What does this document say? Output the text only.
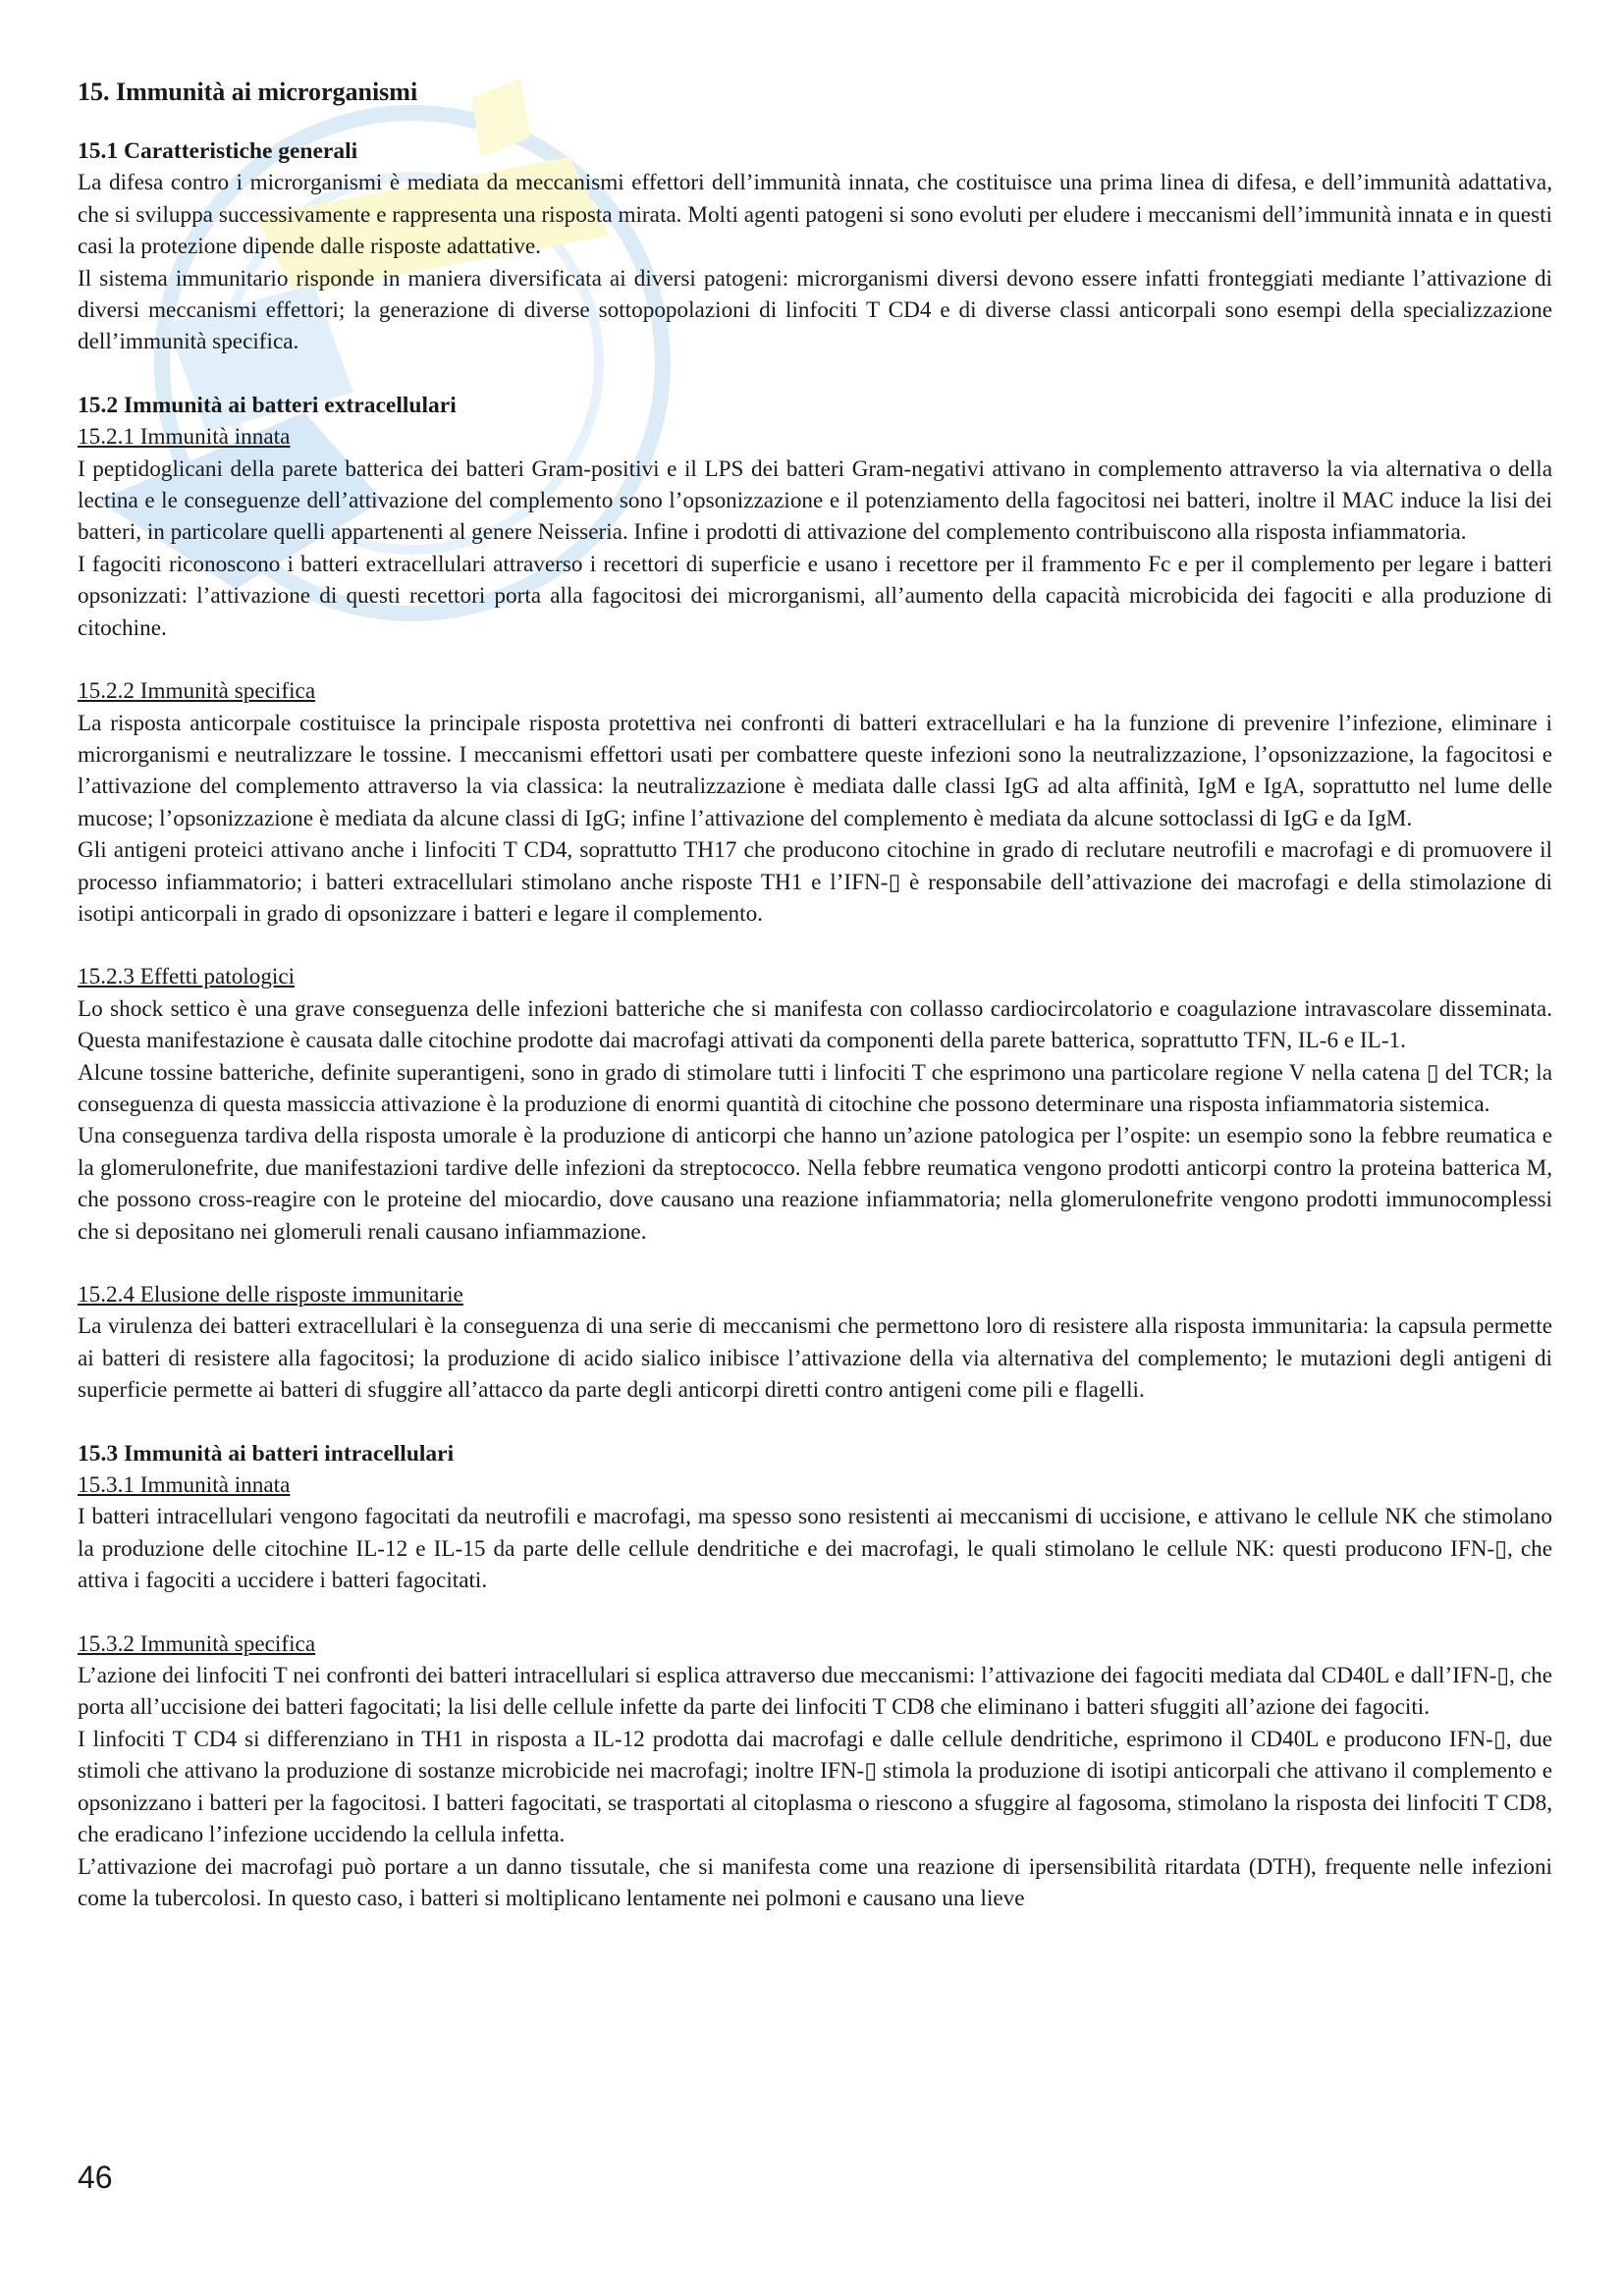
15. Immunità ai microrganismi
15.1 Caratteristiche generali

La difesa contro i microrganismi è mediata da meccanismi effettori dell’immunità innata, che costituisce una prima linea di difesa, e dell’immunità adattativa, che si sviluppa successivamente e rappresenta una risposta mirata. Molti agenti patogeni si sono evoluti per eludere i meccanismi dell’immunità innata e in questi casi la protezione dipende dalle risposte adattative.

Il sistema immunitario risponde in maniera diversificata ai diversi patogeni: microrganismi diversi devono essere infatti fronteggiati mediante l’attivazione di diversi meccanismi effettori; la generazione di diverse sottopopolazioni di linfociti T CD4 e di diverse classi anticorpali sono esempi della specializzazione dell’immunità specifica.

15.2 Immunità ai batteri extracellulari
15.2.1 Immunità innata

I peptidoglicani della parete batterica dei batteri Gram-positivi e il LPS dei batteri Gram-negativi attivano in complemento attraverso la via alternativa o della lectina e le conseguenze dell’attivazione del complemento sono l’opsonizzazione e il potenziamento della fagocitosi nei batteri, inoltre il MAC induce la lisi dei batteri, in particolare quelli appartenenti al genere Neisseria. Infine i prodotti di attivazione del complemento contribuiscono alla risposta infiammatoria.

I fagociti riconoscono i batteri extracellulari attraverso i recettori di superficie e usano i recettore per il frammento Fc e per il complemento per legare i batteri opsonizzati: l’attivazione di questi recettori porta alla fagocitosi dei microrganismi, all’aumento della capacità microbicida dei fagociti e alla produzione di citochine.

15.2.2 Immunità specifica

La risposta anticorpale costituisce la principale risposta protettiva nei confronti di batteri extracellulari e ha la funzione di prevenire l’infezione, eliminare i microrganismi e neutralizzare le tossine. I meccanismi effettori usati per combattere queste infezioni sono la neutralizzazione, l’opsonizzazione, la fagocitosi e l’attivazione del complemento attraverso la via classica: la neutralizzazione è mediata dalle classi IgG ad alta affinità, IgM e IgA, soprattutto nel lume delle mucose; l’opsonizzazione è mediata da alcune classi di IgG; infine l’attivazione del complemento è mediata da alcune sottoclassi di IgG e da IgM.

Gli antigeni proteici attivano anche i linfociti T CD4, soprattutto TH17 che producono citochine in grado di reclutare neutrofili e macrofagi e di promuovere il processo infiammatorio; i batteri extracellulari stimolano anche risposte TH1 e l’IFN-▯ è responsabile dell’attivazione dei macrofagi e della stimolazione di isotipi anticorpali in grado di opsonizzare i batteri e legare il complemento.

15.2.3 Effetti patologici

Lo shock settico è una grave conseguenza delle infezioni batteriche che si manifesta con collasso cardiocircolatorio e coagulazione intravascolare disseminata. Questa manifestazione è causata dalle citochine prodotte dai macrofagi attivati da componenti della parete batterica, soprattutto TFN, IL-6 e IL-1.

Alcune tossine batteriche, definite superantigeni, sono in grado di stimolare tutti i linfociti T che esprimono una particolare regione V nella catena ▯ del TCR; la conseguenza di questa massiccia attivazione è la produzione di enormi quantità di citochine che possono determinare una risposta infiammatoria sistemica.

Una conseguenza tardiva della risposta umorale è la produzione di anticorpi che hanno un’azione patologica per l’ospite: un esempio sono la febbre reumatica e la glomerulonefrite, due manifestazioni tardive delle infezioni da streptococco. Nella febbre reumatica vengono prodotti anticorpi contro la proteina batterica M, che possono cross-reagire con le proteine del miocardio, dove causano una reazione infiammatoria; nella glomerulonefrite vengono prodotti immunocomplessi che si depositano nei glomeruli renali causano infiammazione.

15.2.4 Elusione delle risposte immunitarie

La virulenza dei batteri extracellulari è la conseguenza di una serie di meccanismi che permettono loro di resistere alla risposta immunitaria: la capsula permette ai batteri di resistere alla fagocitosi; la produzione di acido sialico inibisce l’attivazione della via alternativa del complemento; le mutazioni degli antigeni di superficie permette ai batteri di sfuggire all’attacco da parte degli anticorpi diretti contro antigeni come pili e flagelli.

15.3 Immunità ai batteri intracellulari
15.3.1 Immunità innata

I batteri intracellulari vengono fagocitati da neutrofili e macrofagi, ma spesso sono resistenti ai meccanismi di uccisione, e attivano le cellule NK che stimolano la produzione delle citochine IL-12 e IL-15 da parte delle cellule dendritiche e dei macrofagi, le quali stimolano le cellule NK: questi producono IFN-▯, che attiva i fagociti a uccidere i batteri fagocitati.

15.3.2 Immunità specifica

L’azione dei linfociti T nei confronti dei batteri intracellulari si esplica attraverso due meccanismi: l’attivazione dei fagociti mediata dal CD40L e dall’IFN-▯, che porta all’uccisione dei batteri fagocitati; la lisi delle cellule infette da parte dei linfociti T CD8 che eliminano i batteri sfuggiti all’azione dei fagociti.

I linfociti T CD4 si differenziano in TH1 in risposta a IL-12 prodotta dai macrofagi e dalle cellule dendritiche, esprimono il CD40L e producono IFN-▯, due stimoli che attivano la produzione di sostanze microbicide nei macrofagi; inoltre IFN-▯ stimola la produzione di isotipi anticorpali che attivano il complemento e opsonizzano i batteri per la fagocitosi. I batteri fagocitati, se trasportati al citoplasma o riescono a sfuggire al fagosoma, stimolano la risposta dei linfociti T CD8, che eradicano l’infezione uccidendo la cellula infetta.

L’attivazione dei macrofagi può portare a un danno tissutale, che si manifesta come una reazione di ipersensibilità ritardata (DTH), frequente nelle infezioni come la tubercolosi. In questo caso, i batteri si moltiplicano lentamente nei polmoni e causano una lieve

46
